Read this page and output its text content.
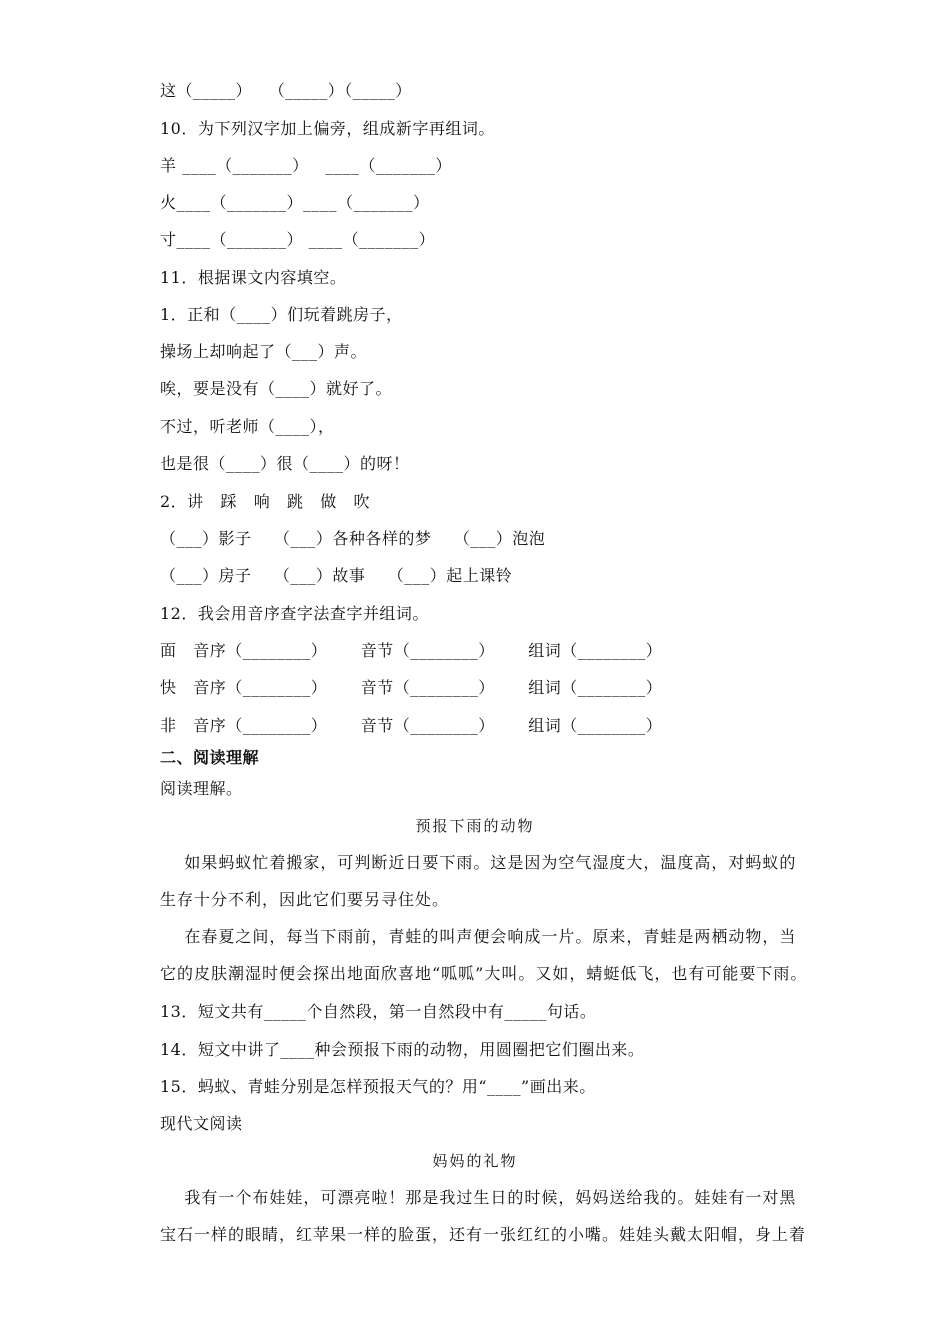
这（_____）   （_____）（_____）
10．为下列汉字加上偏旁，组成新字再组词。
羊 ____（_______）   ____（_______）
火____（_______）____（_______）
寸____（_______） ____（_______）
11．根据课文内容填空。
1．正和（____）们玩着跳房子，
操场上却响起了（___）声。
唉，要是没有（____）就好了。
不过，听老师（____），
也是很（____）很（____）的呀！
2．讲   踩   响   跳   做   吹
（___）影子    （___）各种各样的梦    （___）泡泡
（___）房子    （___）故事    （___）起上课铃
12．我会用音序查字法查字并组词。
面   音序（________）      音节（________）      组词（________）
快   音序（________）      音节（________）      组词（________）
非   音序（________）      音节（________）      组词（________）
二、阅读理解
阅读理解。
预报下雨的动物
如果蚂蚁忙着搬家，可判断近日要下雨。这是因为空气湿度大，温度高，对蚂蚁的
生存十分不利，因此它们要另寻住处。
在春夏之间，每当下雨前，青蛙的叫声便会响成一片。原来，青蛙是两栖动物，当
它的皮肤潮湿时便会探出地面欣喜地“呱呱”大叫。又如，蜻蜓低飞，也有可能要下雨。
13．短文共有_____个自然段，第一自然段中有_____句话。
14．短文中讲了____种会预报下雨的动物，用圆圈把它们圈出来。
15．蚂蚁、青蛙分别是怎样预报天气的？用“____”画出来。
现代文阅读
妈妈的礼物
我有一个布娃娃，可漂亮啦！那是我过生日的时候，妈妈送给我的。娃娃有一对黑
宝石一样的眼睛，红苹果一样的脸蛋，还有一张红红的小嘴。娃娃头戴太阳帽，身上着
